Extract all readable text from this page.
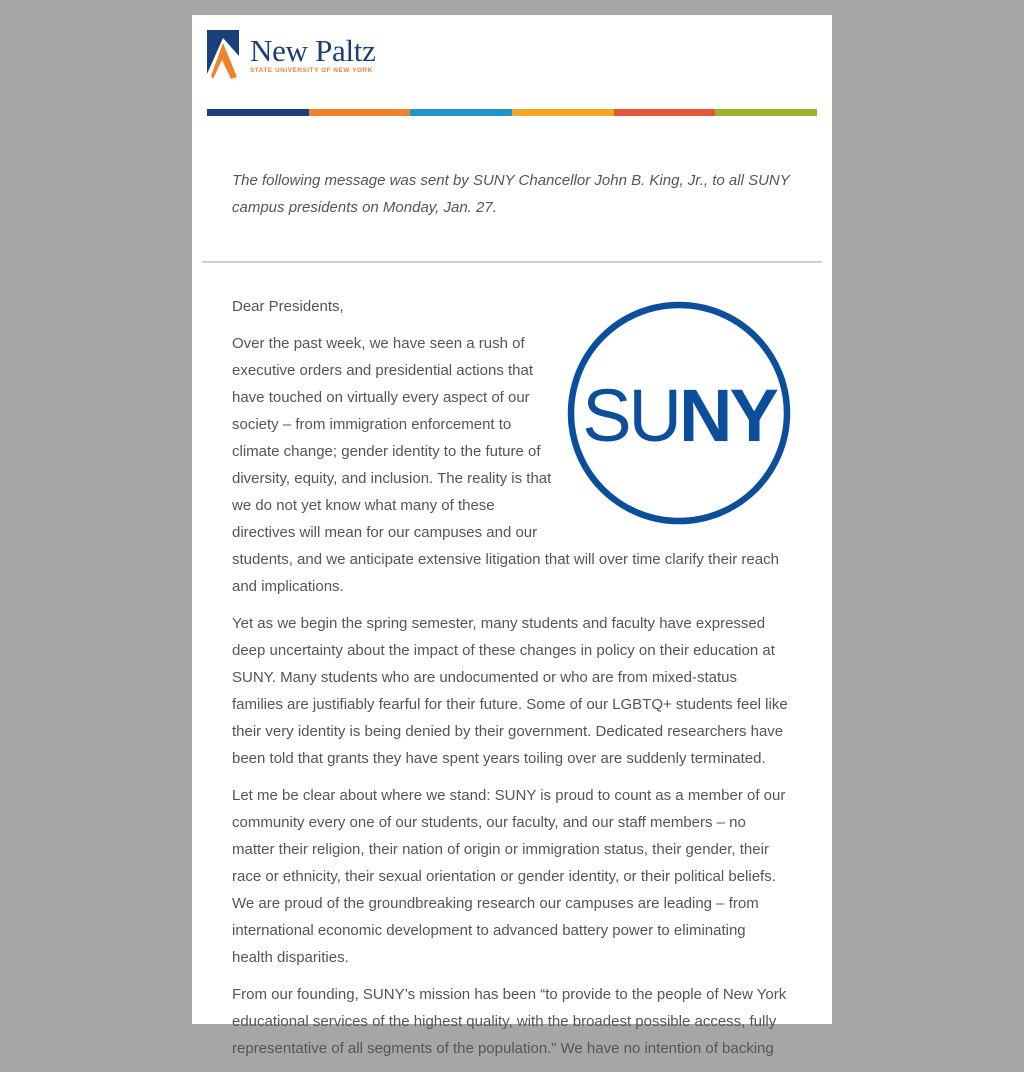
New Paltz
STATE UNIVERSITY OF NEW YORK

The following message was sent by SUNY Chancellor John B. King, Jr., to all SUNY campus presidents on Monday, Jan. 27.

SUNY

Dear Presidents,

Over the past week, we have seen a rush of executive orders and presidential actions that have touched on virtually every aspect of our society – from immigration enforcement to climate change; gender identity to the future of diversity, equity, and inclusion. The reality is that we do not yet know what many of these directives will mean for our campuses and our students, and we anticipate extensive litigation that will over time clarify their reach and implications.

Yet as we begin the spring semester, many students and faculty have expressed deep uncertainty about the impact of these changes in policy on their education at SUNY. Many students who are undocumented or who are from mixed-status families are justifiably fearful for their future. Some of our LGBTQ+ students feel like their very identity is being denied by their government. Dedicated researchers have been told that grants they have spent years toiling over are suddenly terminated.

Let me be clear about where we stand: SUNY is proud to count as a member of our community every one of our students, our faculty, and our staff members – no matter their religion, their nation of origin or immigration status, their gender, their race or ethnicity, their sexual orientation or gender identity, or their political beliefs. We are proud of the groundbreaking research our campuses are leading – from international economic development to advanced battery power to eliminating health disparities.

From our founding, SUNY’s mission has been “to provide to the people of New York educational services of the highest quality, with the broadest possible access, fully representative of all segments of the population.” We have no intention of backing
